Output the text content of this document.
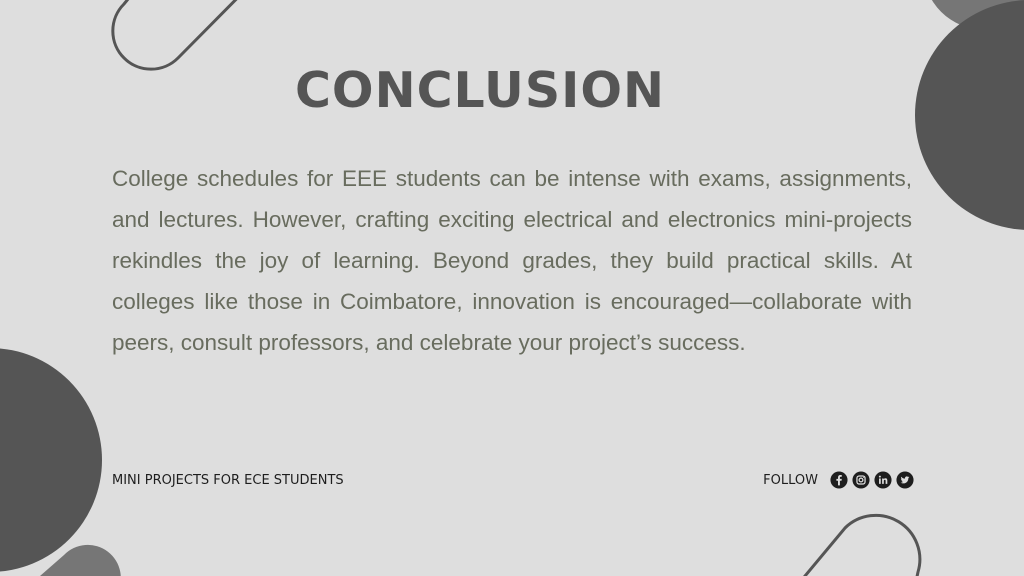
CONCLUSION

College schedules for EEE students can be intense with exams, assignments, and lectures. However, crafting exciting electrical and electronics mini-projects rekindles the joy of learning. Beyond grades, they build practical skills. At colleges like those in Coimbatore, innovation is encouraged—collaborate with peers, consult professors, and celebrate your project’s success.

MINI PROJECTS FOR ECE STUDENTS	FOLLOW
